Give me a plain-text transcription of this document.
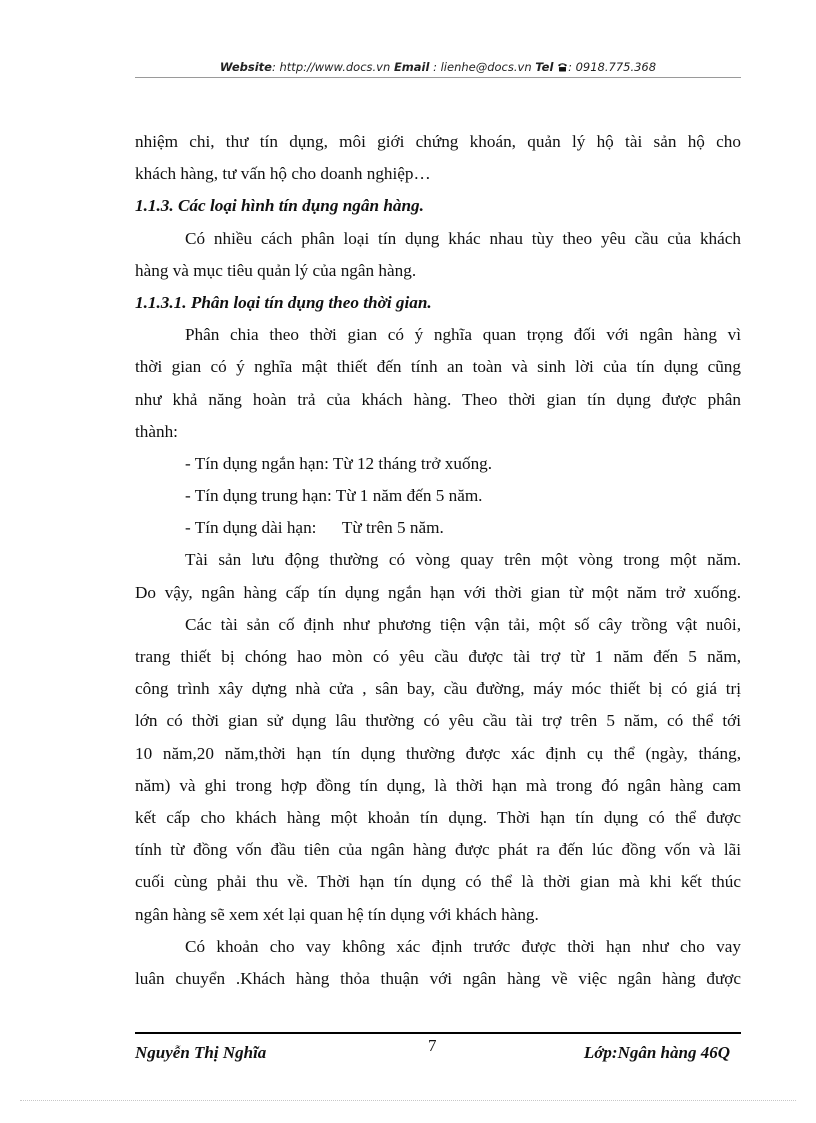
Website: http://www.docs.vn Email : lienhe@docs.vn Tel : 0918.775.368
nhiệm chi, thư tín dụng, môi giới chứng khoán, quản lý hộ tài sản hộ cho
khách hàng, tư vấn hộ cho doanh nghiệp…
1.1.3. Các loại hình tín dụng ngân hàng.
Có nhiều cách phân loại tín dụng khác nhau tùy theo yêu cầu của khách
hàng và mục tiêu quản lý của ngân hàng.
1.1.3.1. Phân loại tín dụng theo thời gian.
Phân chia theo thời gian có ý nghĩa quan trọng đối với ngân hàng vì
thời gian có ý nghĩa mật thiết đến tính an toàn và sinh lời của tín dụng cũng
như khả năng hoàn trả của khách hàng. Theo thời gian tín dụng được phân
thành:
- Tín dụng ngắn hạn: Từ 12 tháng trở xuống.
- Tín dụng trung hạn: Từ 1 năm đến 5 năm.
- Tín dụng dài hạn:      Từ trên 5 năm.
Tài sản lưu động thường có vòng quay trên một vòng trong một năm.
Do vậy, ngân hàng cấp tín dụng ngắn hạn với thời gian từ một năm trở xuống.
Các tài sản cố định như phương tiện vận tải, một số cây trồng vật nuôi,
trang thiết bị chóng hao mòn có yêu cầu được tài trợ từ 1 năm đến 5 năm,
công trình xây dựng nhà cửa , sân bay, cầu đường, máy móc thiết bị có giá trị
lớn có thời gian sử dụng lâu thường có yêu cầu tài trợ trên 5 năm, có thể tới
10 năm,20 năm,thời hạn tín dụng thường được xác định cụ thể (ngày, tháng,
năm) và ghi trong hợp đồng tín dụng, là thời hạn mà trong đó ngân hàng cam
kết cấp cho khách hàng một khoản tín dụng. Thời hạn tín dụng có thể được
tính từ đồng vốn đầu tiên của ngân hàng được phát ra đến lúc đồng vốn và lãi
cuối cùng phải thu về. Thời hạn tín dụng có thể là thời gian mà khi kết thúc
ngân hàng sẽ xem xét lại quan hệ tín dụng với khách hàng.
Có khoản cho vay không xác định trước được thời hạn như cho vay
luân chuyển .Khách hàng thỏa thuận với ngân hàng về việc ngân hàng được
Nguyễn Thị Nghĩa	7	Lớp:Ngân hàng 46Q
